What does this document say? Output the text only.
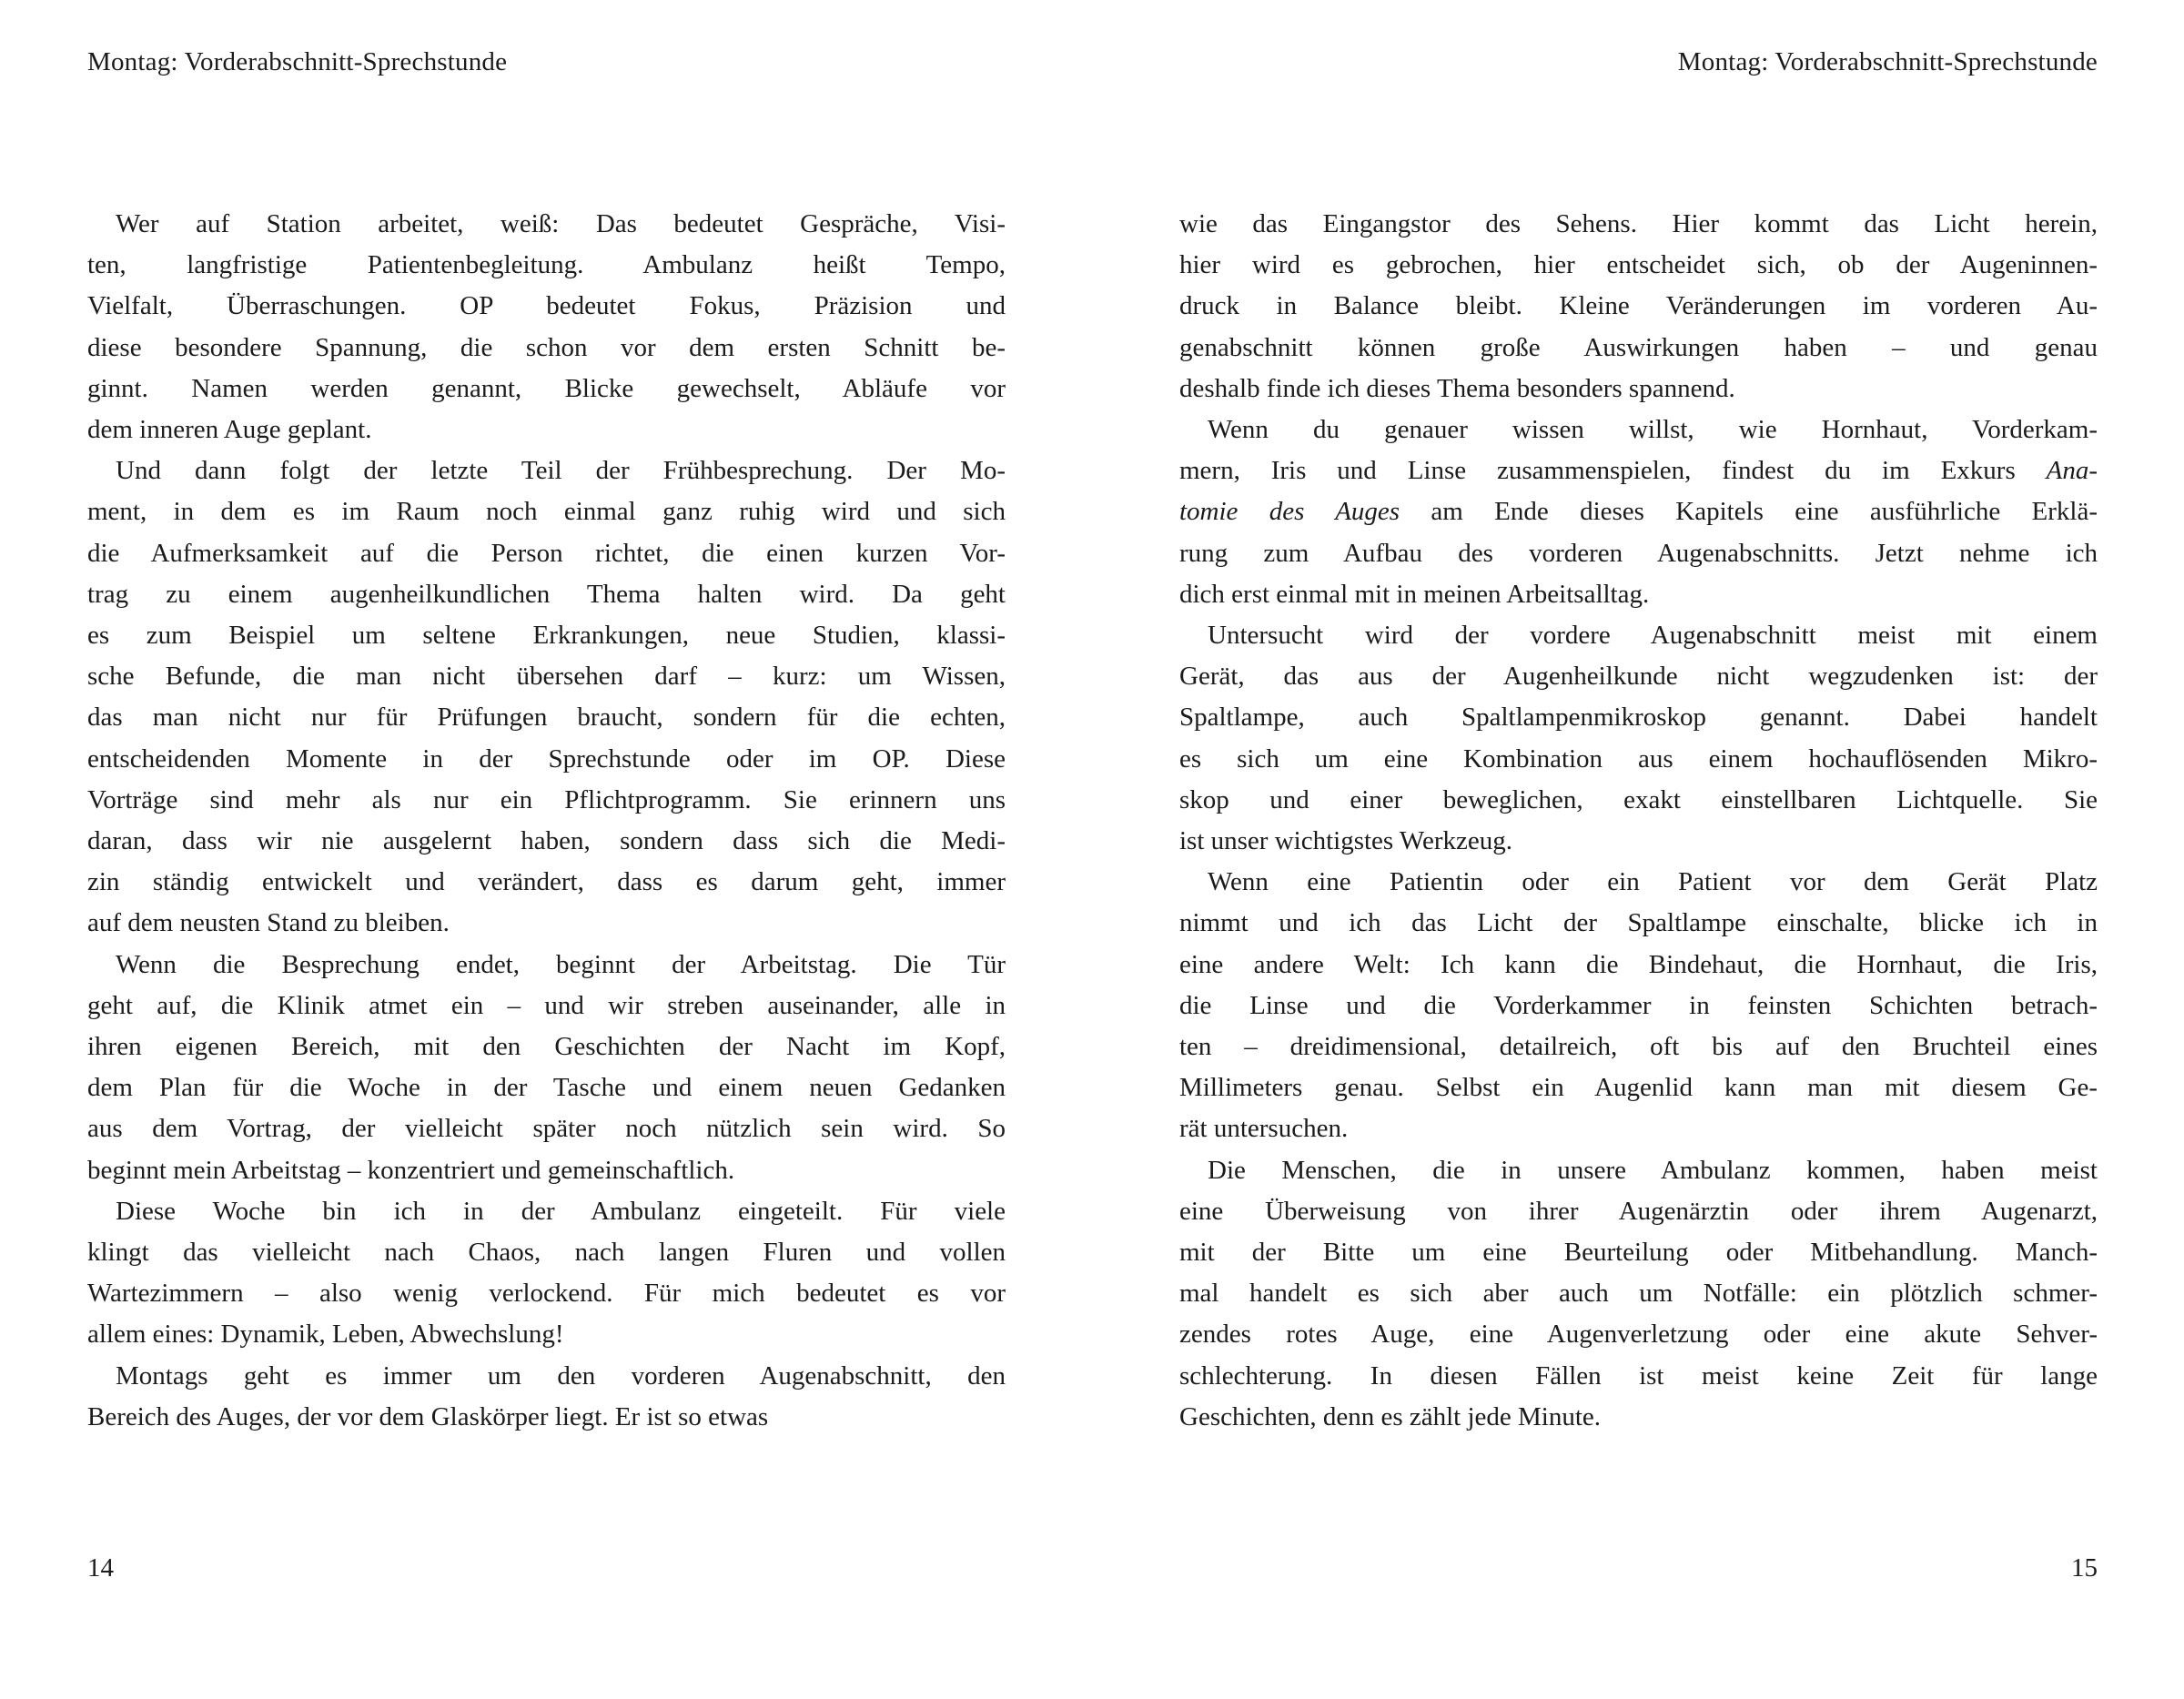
Montag: Vorderabschnitt-Sprechstunde
Wer auf Station arbeitet, weiß: Das bedeutet Gespräche, Visi-
ten, langfristige Patientenbegleitung. Ambulanz heißt Tempo,
Vielfalt, Überraschungen. OP bedeutet Fokus, Präzision und
diese besondere Spannung, die schon vor dem ersten Schnitt be-
ginnt. Namen werden genannt, Blicke gewechselt, Abläufe vor
dem inneren Auge geplant.
Und dann folgt der letzte Teil der Frühbesprechung. Der Mo-
ment, in dem es im Raum noch einmal ganz ruhig wird und sich
die Aufmerksamkeit auf die Person richtet, die einen kurzen Vor-
trag zu einem augenheilkundlichen Thema halten wird. Da geht
es zum Beispiel um seltene Erkrankungen, neue Studien, klassi-
sche Befunde, die man nicht übersehen darf – kurz: um Wissen,
das man nicht nur für Prüfungen braucht, sondern für die echten,
entscheidenden Momente in der Sprechstunde oder im OP. Diese
Vorträge sind mehr als nur ein Pflichtprogramm. Sie erinnern uns
daran, dass wir nie ausgelernt haben, sondern dass sich die Medi-
zin ständig entwickelt und verändert, dass es darum geht, immer
auf dem neusten Stand zu bleiben.
Wenn die Besprechung endet, beginnt der Arbeitstag. Die Tür
geht auf, die Klinik atmet ein – und wir streben auseinander, alle in
ihren eigenen Bereich, mit den Geschichten der Nacht im Kopf,
dem Plan für die Woche in der Tasche und einem neuen Gedanken
aus dem Vortrag, der vielleicht später noch nützlich sein wird. So
beginnt mein Arbeitstag – konzentriert und gemeinschaftlich.
Diese Woche bin ich in der Ambulanz eingeteilt. Für viele
klingt das vielleicht nach Chaos, nach langen Fluren und vollen
Wartezimmern – also wenig verlockend. Für mich bedeutet es vor
allem eines: Dynamik, Leben, Abwechslung!
Montags geht es immer um den vorderen Augenabschnitt, den
Bereich des Auges, der vor dem Glaskörper liegt. Er ist so etwas
14
Montag: Vorderabschnitt-Sprechstunde
wie das Eingangstor des Sehens. Hier kommt das Licht herein,
hier wird es gebrochen, hier entscheidet sich, ob der Augeninnen-
druck in Balance bleibt. Kleine Veränderungen im vorderen Au-
genabschnitt können große Auswirkungen haben – und genau
deshalb finde ich dieses Thema besonders spannend.
Wenn du genauer wissen willst, wie Hornhaut, Vorderkam-
mern, Iris und Linse zusammenspielen, findest du im Exkurs Ana-
tomie des Auges am Ende dieses Kapitels eine ausführliche Erklä-
rung zum Aufbau des vorderen Augenabschnitts. Jetzt nehme ich
dich erst einmal mit in meinen Arbeitsalltag.
Untersucht wird der vordere Augenabschnitt meist mit einem
Gerät, das aus der Augenheilkunde nicht wegzudenken ist: der
Spaltlampe, auch Spaltlampenmikroskop genannt. Dabei handelt
es sich um eine Kombination aus einem hochauflösenden Mikro-
skop und einer beweglichen, exakt einstellbaren Lichtquelle. Sie
ist unser wichtigstes Werkzeug.
Wenn eine Patientin oder ein Patient vor dem Gerät Platz
nimmt und ich das Licht der Spaltlampe einschalte, blicke ich in
eine andere Welt: Ich kann die Bindehaut, die Hornhaut, die Iris,
die Linse und die Vorderkammer in feinsten Schichten betrach-
ten – dreidimensional, detailreich, oft bis auf den Bruchteil eines
Millimeters genau. Selbst ein Augenlid kann man mit diesem Ge-
rät untersuchen.
Die Menschen, die in unsere Ambulanz kommen, haben meist
eine Überweisung von ihrer Augenärztin oder ihrem Augenarzt,
mit der Bitte um eine Beurteilung oder Mitbehandlung. Manch-
mal handelt es sich aber auch um Notfälle: ein plötzlich schmer-
zendes rotes Auge, eine Augenverletzung oder eine akute Sehver-
schlechterung. In diesen Fällen ist meist keine Zeit für lange
Geschichten, denn es zählt jede Minute.
15
